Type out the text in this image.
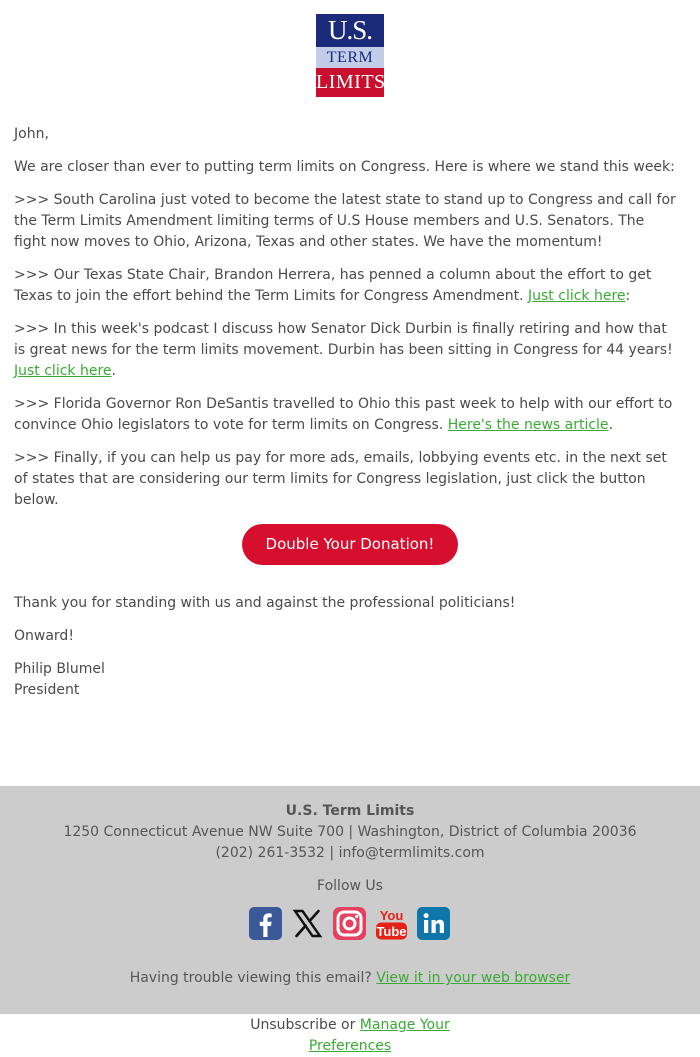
U.S.
TERM
LIMITS

John,

We are closer than ever to putting term limits on Congress. Here is where we stand this week:

>>> South Carolina just voted to become the latest state to stand up to Congress and call for the Term Limits Amendment limiting terms of U.S House members and U.S. Senators. The fight now moves to Ohio, Arizona, Texas and other states. We have the momentum!

>>> Our Texas State Chair, Brandon Herrera, has penned a column about the effort to get Texas to join the effort behind the Term Limits for Congress Amendment. Just click here:

>>> In this week's podcast I discuss how Senator Dick Durbin is finally retiring and how that is great news for the term limits movement. Durbin has been sitting in Congress for 44 years! Just click here.

>>> Florida Governor Ron DeSantis travelled to Ohio this past week to help with our effort to convince Ohio legislators to vote for term limits on Congress. Here's the news article.

>>> Finally, if you can help us pay for more ads, emails, lobbying events etc. in the next set of states that are considering our term limits for Congress legislation, just click the button below.

Double Your Donation!

Thank you for standing with us and against the professional politicians!

Onward!

Philip Blumel
President
U.S. Term Limits
1250 Connecticut Avenue NW Suite 700 | Washington, District of Columbia 20036
(202) 261-3532 | info@termlimits.com
Follow Us
You
Tube
Having trouble viewing this email? View it in your web browser
Unsubscribe or Manage Your Preferences
